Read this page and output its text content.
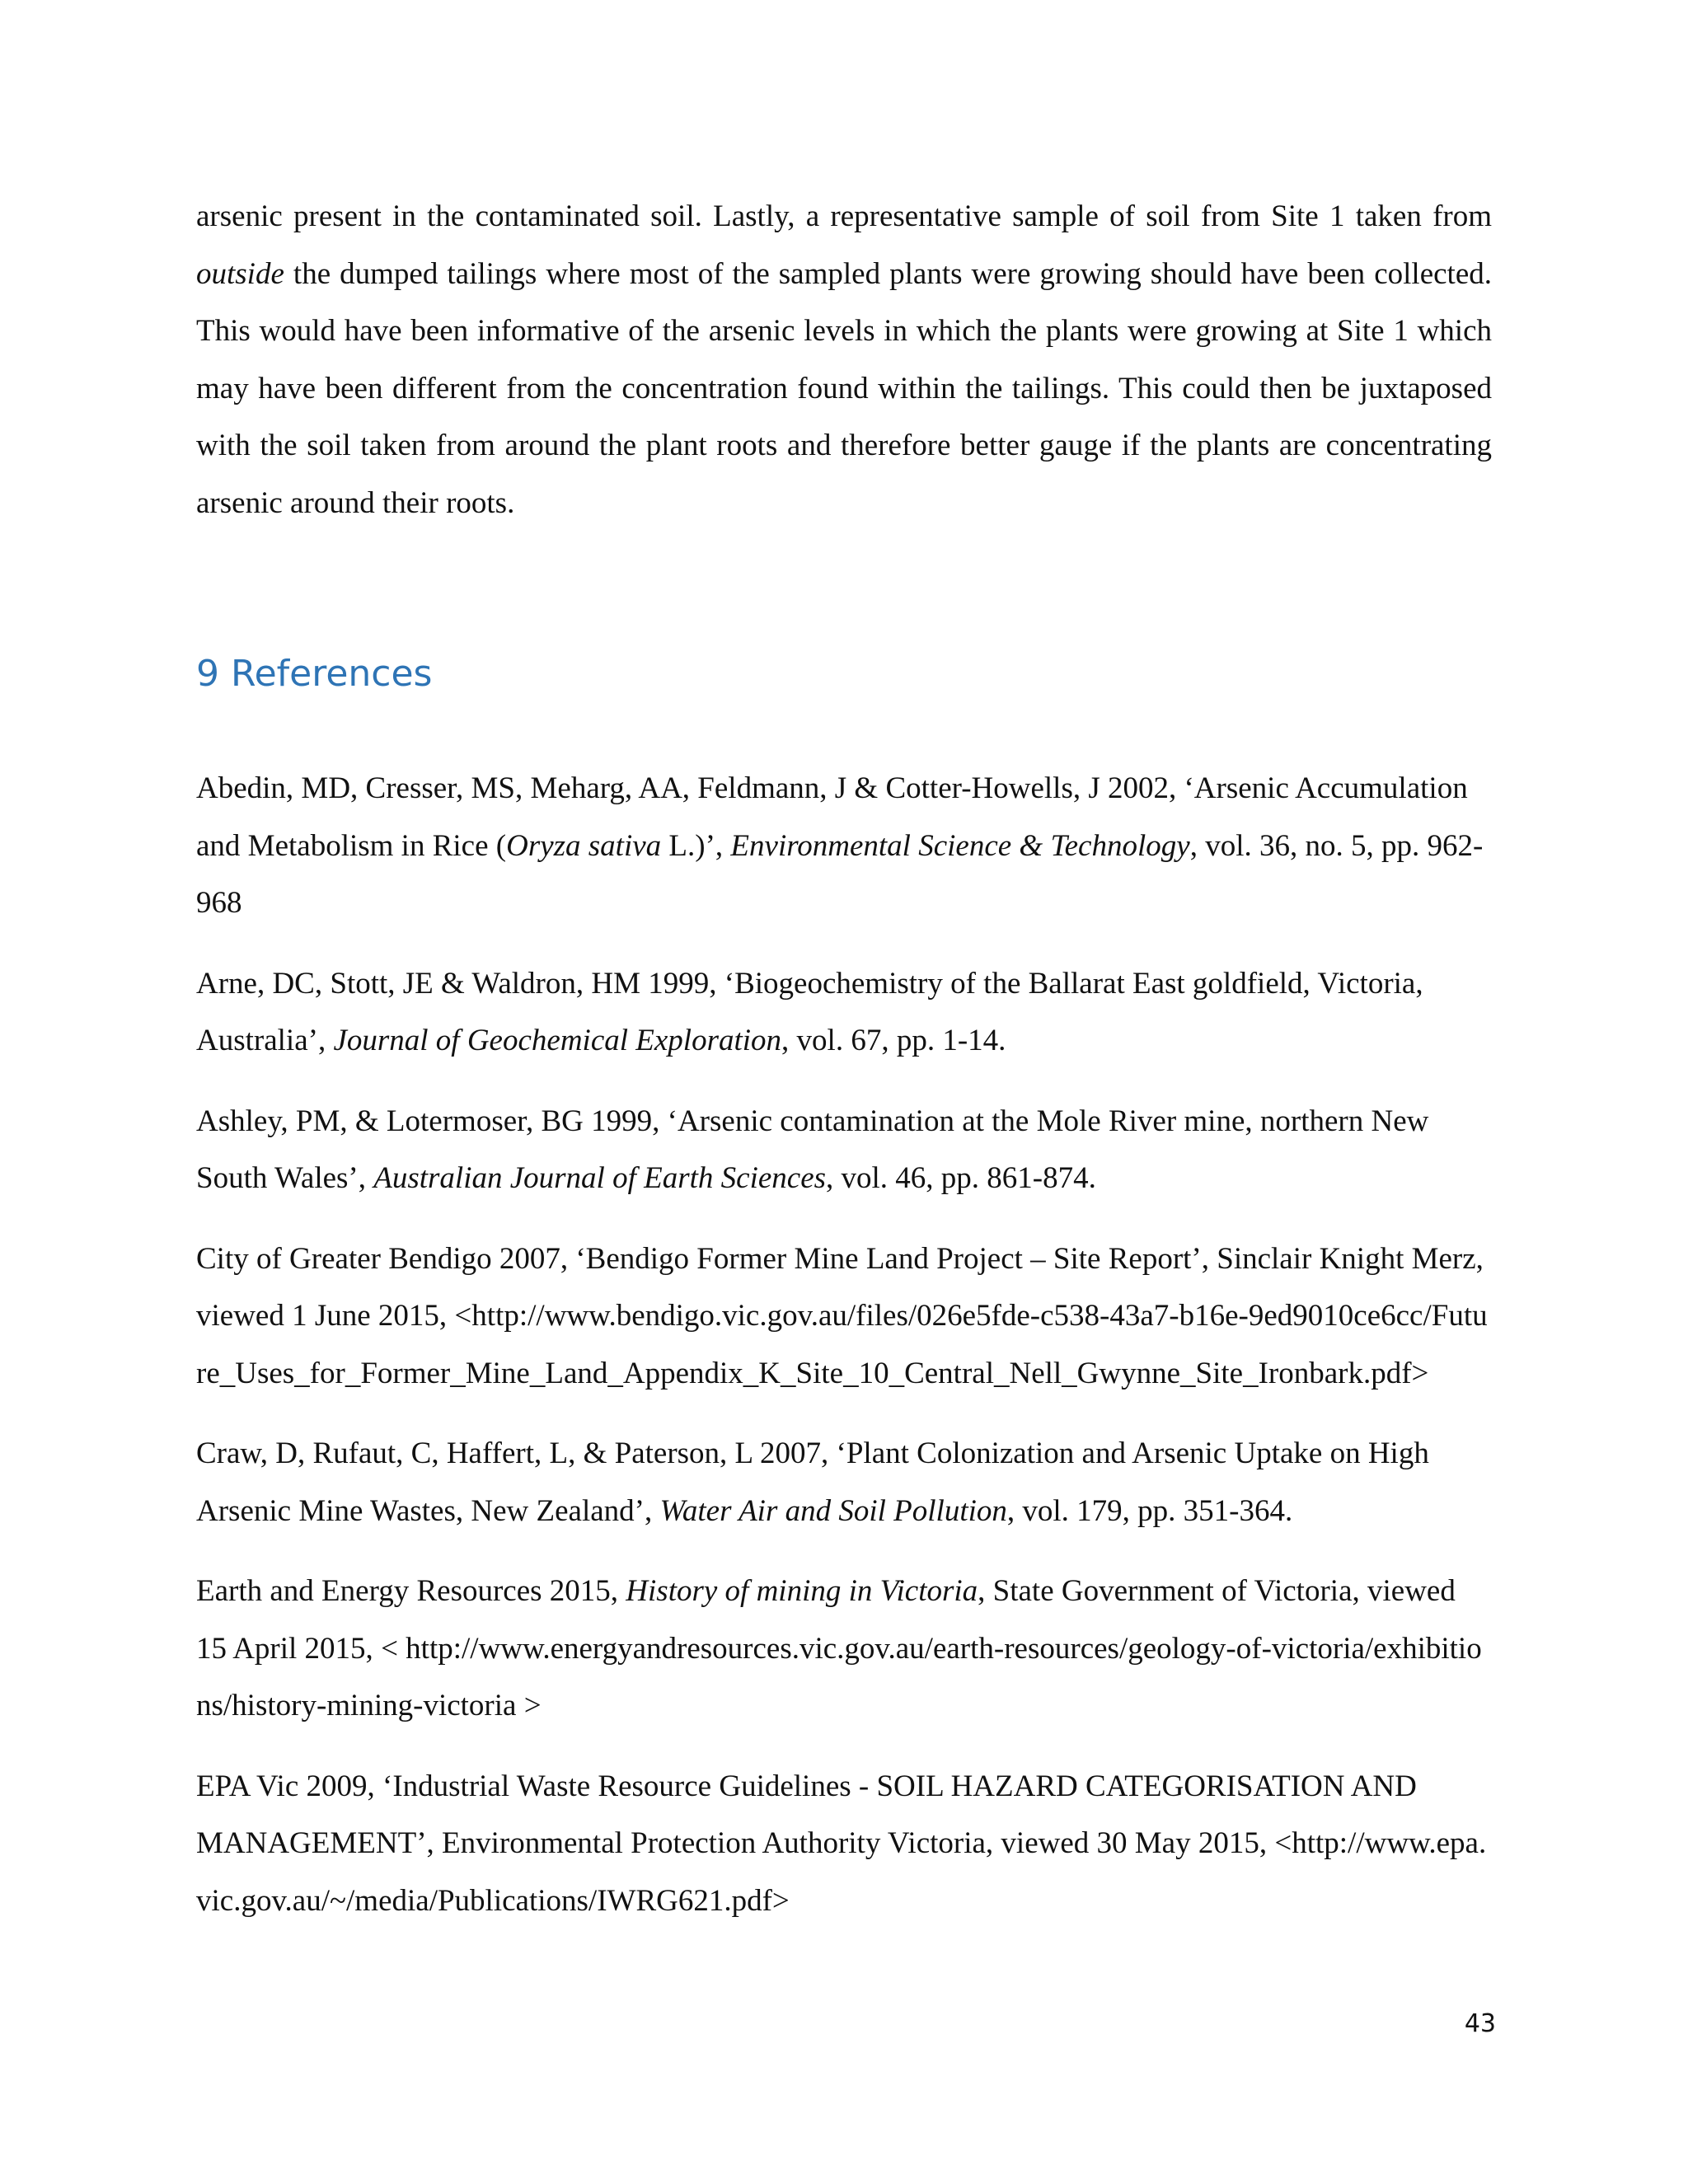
arsenic present in the contaminated soil. Lastly, a representative sample of soil from Site 1 taken from outside the dumped tailings where most of the sampled plants were growing should have been collected. This would have been informative of the arsenic levels in which the plants were growing at Site 1 which may have been different from the concentration found within the tailings. This could then be juxtaposed with the soil taken from around the plant roots and therefore better gauge if the plants are concentrating arsenic around their roots.

9 References
Abedin, MD, Cresser, MS, Meharg, AA, Feldmann, J & Cotter-Howells, J 2002, ‘Arsenic Accumulation and Metabolism in Rice (Oryza sativa L.)’, Environmental Science & Technology, vol. 36, no. 5, pp. 962-968
Arne, DC, Stott, JE & Waldron, HM 1999, ‘Biogeochemistry of the Ballarat East goldfield, Victoria, Australia’, Journal of Geochemical Exploration, vol. 67, pp. 1-14.
Ashley, PM, & Lotermoser, BG 1999, ‘Arsenic contamination at the Mole River mine, northern New South Wales’, Australian Journal of Earth Sciences, vol. 46, pp. 861-874.
City of Greater Bendigo 2007, ‘Bendigo Former Mine Land Project – Site Report’, Sinclair Knight Merz, viewed 1 June 2015, <http://www.bendigo.vic.gov.au/files/026e5fde-c538-43a7-b16e-9ed9010ce6cc/Future_Uses_for_Former_Mine_Land_Appendix_K_Site_10_Central_Nell_Gwynne_Site_Ironbark.pdf>
Craw, D, Rufaut, C, Haffert, L, & Paterson, L 2007, ‘Plant Colonization and Arsenic Uptake on High Arsenic Mine Wastes, New Zealand’, Water Air and Soil Pollution, vol. 179, pp. 351-364.
Earth and Energy Resources 2015, History of mining in Victoria, State Government of Victoria, viewed 15 April 2015, < http://www.energyandresources.vic.gov.au/earth-resources/geology-of-victoria/exhibitions/history-mining-victoria >
EPA Vic 2009, ‘Industrial Waste Resource Guidelines - SOIL HAZARD CATEGORISATION AND MANAGEMENT’, Environmental Protection Authority Victoria, viewed 30 May 2015, <http://www.epa.vic.gov.au/~/media/Publications/IWRG621.pdf>
43
